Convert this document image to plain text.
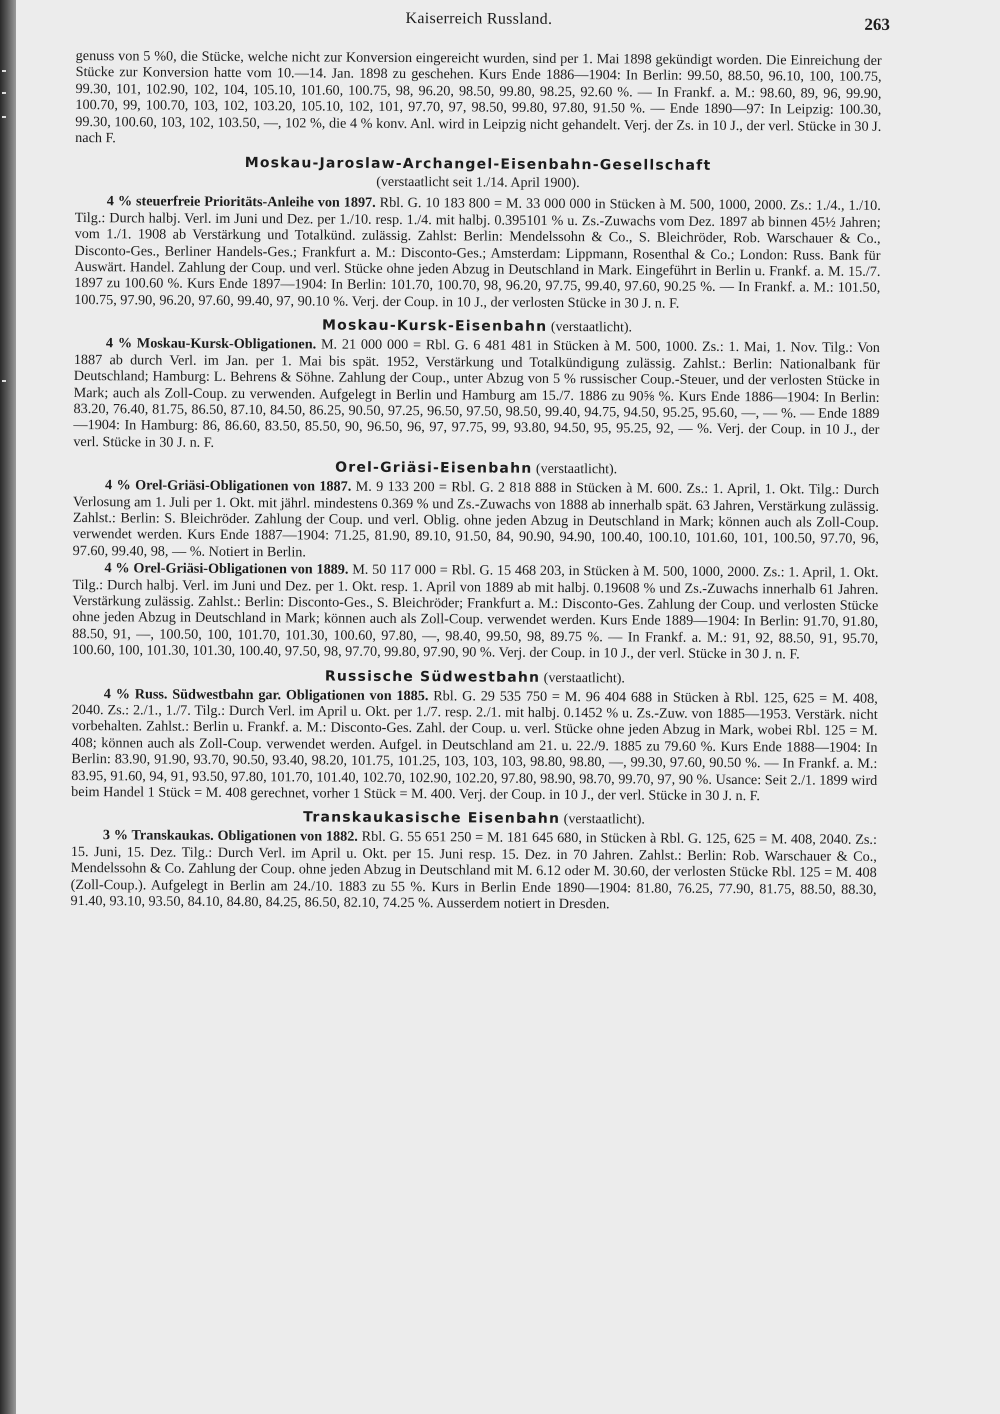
Kaiserreich Russland.	263

genuss von 5 %0, die Stücke, welche nicht zur Konversion eingereicht wurden, sind per 1. Mai 1898 gekündigt worden. Die Einreichung der Stücke zur Konversion hatte vom 10.—14. Jan. 1898 zu geschehen. Kurs Ende 1886—1904: In Berlin: 99.50, 88.50, 96.10, 100, 100.75, 99.30, 101, 102.90, 102, 104, 105.10, 101.60, 100.75, 98, 96.20, 98.50, 99.80, 98.25, 92.60 %. — In Frankf. a. M.: 98.60, 89, 96, 99.90, 100.70, 99, 100.70, 103, 102, 103.20, 105.10, 102, 101, 97.70, 97, 98.50, 99.80, 97.80, 91.50 %. — Ende 1890—97: In Leipzig: 100.30, 99.30, 100.60, 103, 102, 103.50, —, 102 %, die 4 % konv. Anl. wird in Leipzig nicht gehandelt. Verj. der Zs. in 10 J., der verl. Stücke in 30 J. nach F.

Moskau-Jaroslaw-Archangel-Eisenbahn-Gesellschaft
(verstaatlicht seit 1./14. April 1900).

4 % steuerfreie Prioritäts-Anleihe von 1897. Rbl. G. 10 183 800 = M. 33 000 000 in Stücken à M. 500, 1000, 2000. Zs.: 1./4., 1./10. Tilg.: Durch halbj. Verl. im Juni und Dez. per 1./10. resp. 1./4. mit halbj. 0.395101 % u. Zs.-Zuwachs vom Dez. 1897 ab binnen 45½ Jahren; vom 1./1. 1908 ab Verstärkung und Totalkünd. zulässig. Zahlst: Berlin: Mendelssohn & Co., S. Bleichröder, Rob. Warschauer & Co., Disconto-Ges., Berliner Handels-Ges.; Frankfurt a. M.: Disconto-Ges.; Amsterdam: Lippmann, Rosenthal & Co.; London: Russ. Bank für Auswärt. Handel. Zahlung der Coup. und verl. Stücke ohne jeden Abzug in Deutschland in Mark. Eingeführt in Berlin u. Frankf. a. M. 15./7. 1897 zu 100.60 %. Kurs Ende 1897—1904: In Berlin: 101.70, 100.70, 98, 96.20, 97.75, 99.40, 97.60, 90.25 %. — In Frankf. a. M.: 101.50, 100.75, 97.90, 96.20, 97.60, 99.40, 97, 90.10 %. Verj. der Coup. in 10 J., der verlosten Stücke in 30 J. n. F.

Moskau-Kursk-Eisenbahn (verstaatlicht).

4 % Moskau-Kursk-Obligationen. M. 21 000 000 = Rbl. G. 6 481 481 in Stücken à M. 500, 1000. Zs.: 1. Mai, 1. Nov. Tilg.: Von 1887 ab durch Verl. im Jan. per 1. Mai bis spät. 1952, Verstärkung und Totalkündigung zulässig. Zahlst.: Berlin: Nationalbank für Deutschland; Hamburg: L. Behrens & Söhne. Zahlung der Coup., unter Abzug von 5 % russischer Coup.-Steuer, und der verlosten Stücke in Mark; auch als Zoll-Coup. zu verwenden. Aufgelegt in Berlin und Hamburg am 15./7. 1886 zu 90⅝ %. Kurs Ende 1886—1904: In Berlin: 83.20, 76.40, 81.75, 86.50, 87.10, 84.50, 86.25, 90.50, 97.25, 96.50, 97.50, 98.50, 99.40, 94.75, 94.50, 95.25, 95.60, —, — %. — Ende 1889—1904: In Hamburg: 86, 86.60, 83.50, 85.50, 90, 96.50, 96, 97, 97.75, 99, 93.80, 94.50, 95, 95.25, 92, — %. Verj. der Coup. in 10 J., der verl. Stücke in 30 J. n. F.

Orel-Griäsi-Eisenbahn (verstaatlicht).

4 % Orel-Griäsi-Obligationen von 1887. M. 9 133 200 = Rbl. G. 2 818 888 in Stücken à M. 600. Zs.: 1. April, 1. Okt. Tilg.: Durch Verlosung am 1. Juli per 1. Okt. mit jährl. mindestens 0.369 % und Zs.-Zuwachs von 1888 ab innerhalb spät. 63 Jahren, Verstärkung zulässig. Zahlst.: Berlin: S. Bleichröder. Zahlung der Coup. und verl. Oblig. ohne jeden Abzug in Deutschland in Mark; können auch als Zoll-Coup. verwendet werden. Kurs Ende 1887—1904: 71.25, 81.90, 89.10, 91.50, 84, 90.90, 94.90, 100.40, 100.10, 101.60, 101, 100.50, 97.70, 96, 97.60, 99.40, 98, — %. Notiert in Berlin.

4 % Orel-Griäsi-Obligationen von 1889. M. 50 117 000 = Rbl. G. 15 468 203, in Stücken à M. 500, 1000, 2000. Zs.: 1. April, 1. Okt. Tilg.: Durch halbj. Verl. im Juni und Dez. per 1. Okt. resp. 1. April von 1889 ab mit halbj. 0.19608 % und Zs.-Zuwachs innerhalb 61 Jahren. Verstärkung zulässig. Zahlst.: Berlin: Disconto-Ges., S. Bleichröder; Frankfurt a. M.: Disconto-Ges. Zahlung der Coup. und verlosten Stücke ohne jeden Abzug in Deutschland in Mark; können auch als Zoll-Coup. verwendet werden. Kurs Ende 1889—1904: In Berlin: 91.70, 91.80, 88.50, 91, —, 100.50, 100, 101.70, 101.30, 100.60, 97.80, —, 98.40, 99.50, 98, 89.75 %. — In Frankf. a. M.: 91, 92, 88.50, 91, 95.70, 100.60, 100, 101.30, 101.30, 100.40, 97.50, 98, 97.70, 99.80, 97.90, 90 %. Verj. der Coup. in 10 J., der verl. Stücke in 30 J. n. F.

Russische Südwestbahn (verstaatlicht).

4 % Russ. Südwestbahn gar. Obligationen von 1885. Rbl. G. 29 535 750 = M. 96 404 688 in Stücken à Rbl. 125, 625 = M. 408, 2040. Zs.: 2./1., 1./7. Tilg.: Durch Verl. im April u. Okt. per 1./7. resp. 2./1. mit halbj. 0.1452 % u. Zs.-Zuw. von 1885—1953. Verstärk. nicht vorbehalten. Zahlst.: Berlin u. Frankf. a. M.: Disconto-Ges. Zahl. der Coup. u. verl. Stücke ohne jeden Abzug in Mark, wobei Rbl. 125 = M. 408; können auch als Zoll-Coup. verwendet werden. Aufgel. in Deutschland am 21. u. 22./9. 1885 zu 79.60 %. Kurs Ende 1888—1904: In Berlin: 83.90, 91.90, 93.70, 90.50, 93.40, 98.20, 101.75, 101.25, 103, 103, 103, 98.80, 98.80, —, 99.30, 97.60, 90.50 %. — In Frankf. a. M.: 83.95, 91.60, 94, 91, 93.50, 97.80, 101.70, 101.40, 102.70, 102.90, 102.20, 97.80, 98.90, 98.70, 99.70, 97, 90 %. Usance: Seit 2./1. 1899 wird beim Handel 1 Stück = M. 408 gerechnet, vorher 1 Stück = M. 400. Verj. der Coup. in 10 J., der verl. Stücke in 30 J. n. F.

Transkaukasische Eisenbahn (verstaatlicht).

3 % Transkaukas. Obligationen von 1882. Rbl. G. 55 651 250 = M. 181 645 680, in Stücken à Rbl. G. 125, 625 = M. 408, 2040. Zs.: 15. Juni, 15. Dez. Tilg.: Durch Verl. im April u. Okt. per 15. Juni resp. 15. Dez. in 70 Jahren. Zahlst.: Berlin: Rob. Warschauer & Co., Mendelssohn & Co. Zahlung der Coup. ohne jeden Abzug in Deutschland mit M. 6.12 oder M. 30.60, der verlosten Stücke Rbl. 125 = M. 408 (Zoll-Coup.). Aufgelegt in Berlin am 24./10. 1883 zu 55 %. Kurs in Berlin Ende 1890—1904: 81.80, 76.25, 77.90, 81.75, 88.50, 88.30, 91.40, 93.10, 93.50, 84.10, 84.80, 84.25, 86.50, 82.10, 74.25 %. Ausserdem notiert in Dresden.
